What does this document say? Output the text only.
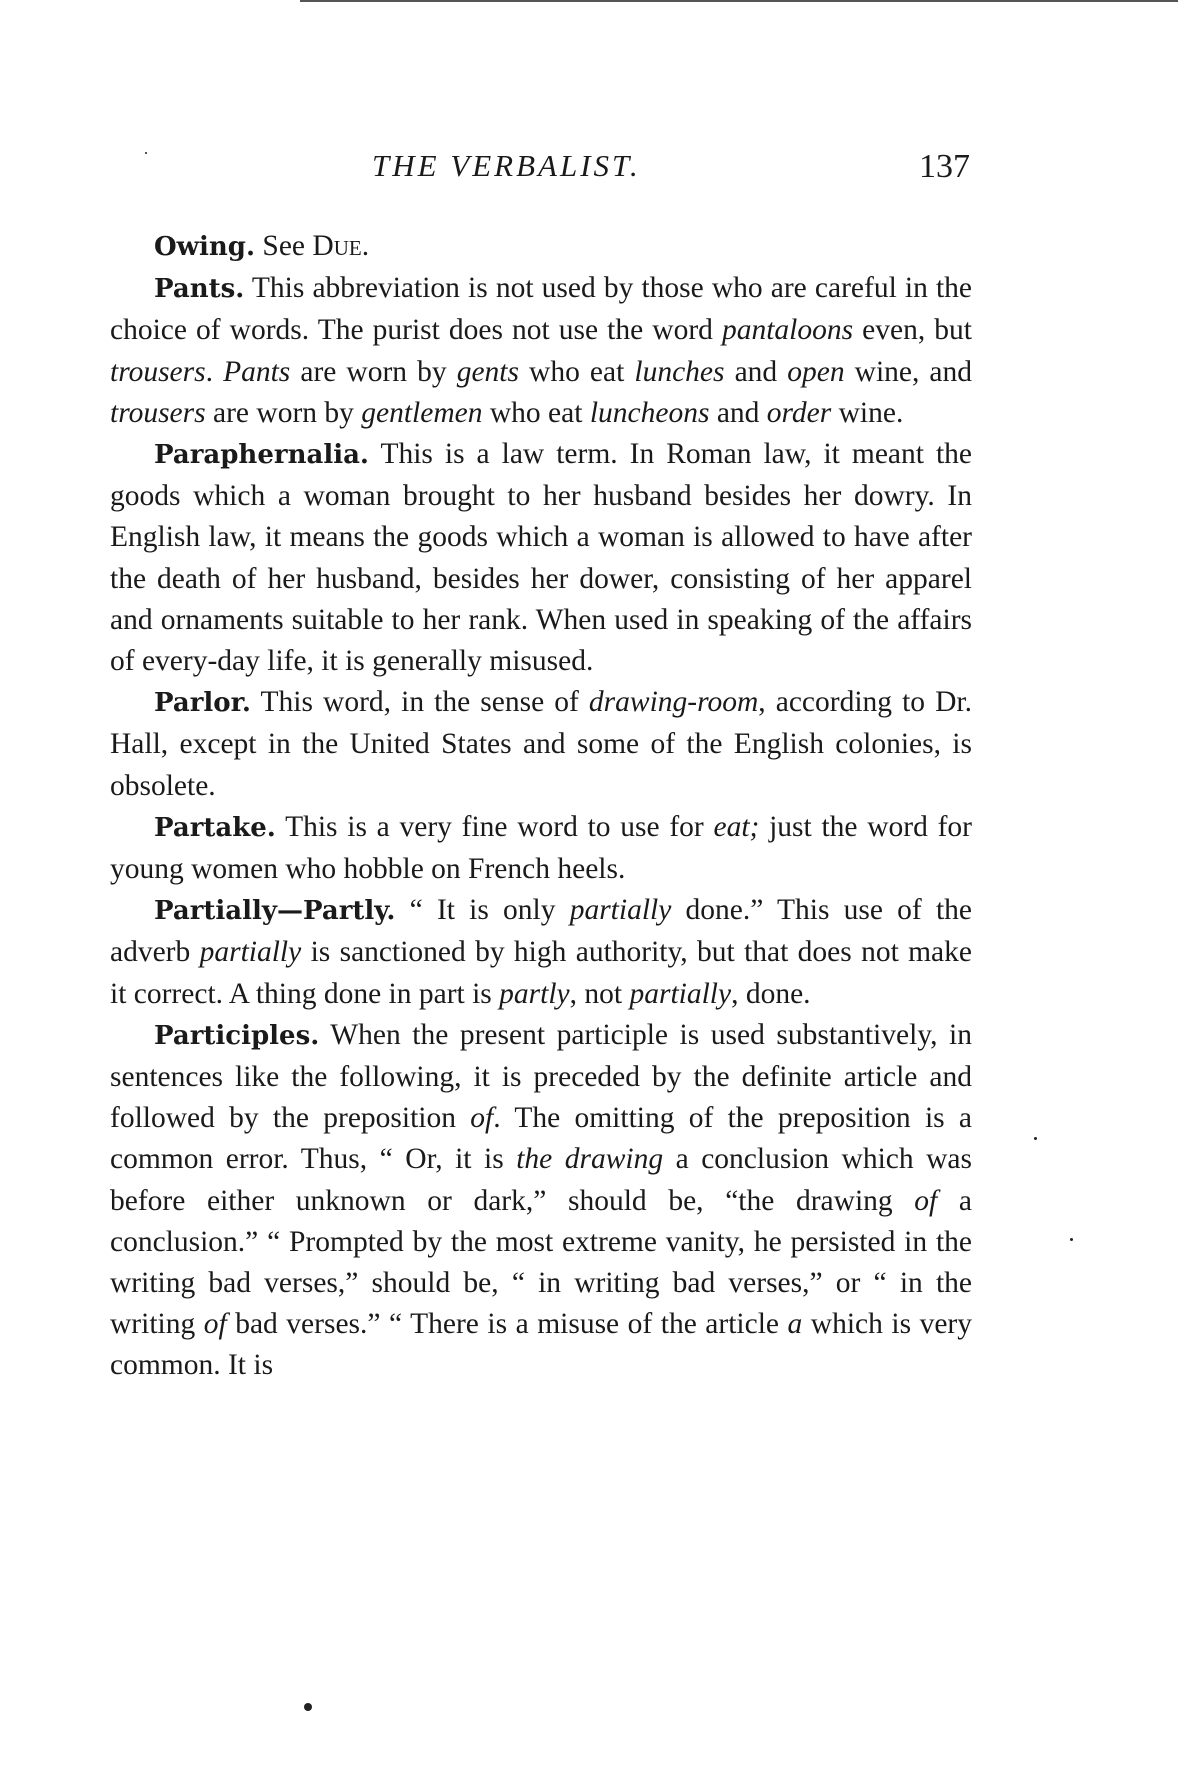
THE VERBALIST.	137

Owing. See Due.

Pants. This abbreviation is not used by those who are careful in the choice of words. The purist does not use the word pantaloons even, but trousers. Pants are worn by gents who eat lunches and open wine, and trousers are worn by gentlemen who eat luncheons and order wine.

Paraphernalia. This is a law term. In Roman law, it meant the goods which a woman brought to her husband besides her dowry. In English law, it means the goods which a woman is allowed to have after the death of her husband, besides her dower, consisting of her apparel and ornaments suitable to her rank. When used in speaking of the affairs of every-day life, it is generally misused.

Parlor. This word, in the sense of drawing-room, according to Dr. Hall, except in the United States and some of the English colonies, is obsolete.

Partake. This is a very fine word to use for eat; just the word for young women who hobble on French heels.

Partially—Partly. “ It is only partially done.” This use of the adverb partially is sanctioned by high authority, but that does not make it correct. A thing done in part is partly, not partially, done.

Participles. When the present participle is used substantively, in sentences like the following, it is preceded by the definite article and followed by the preposition of. The omitting of the preposition is a common error. Thus, “ Or, it is the drawing a conclusion which was before either unknown or dark,” should be, “the drawing of a conclusion.” “ Prompted by the most extreme vanity, he persisted in the writing bad verses,” should be, “ in writing bad verses,” or “ in the writing of bad verses.” “ There is a misuse of the article a which is very common. It is
